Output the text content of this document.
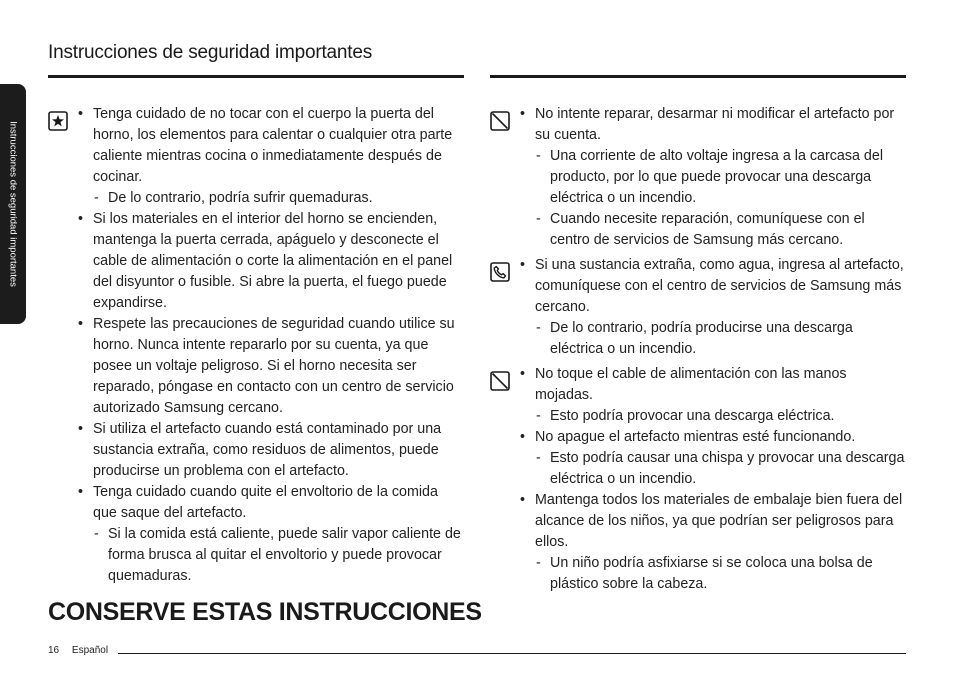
Instrucciones de seguridad importantes
Instrucciones de seguridad importantes
• Tenga cuidado de no tocar con el cuerpo la puerta del horno, los elementos para calentar o cualquier otra parte caliente mientras cocina o inmediatamente después de cocinar.
- De lo contrario, podría sufrir quemaduras.
• Si los materiales en el interior del horno se encienden, mantenga la puerta cerrada, apáguelo y desconecte el cable de alimentación o corte la alimentación en el panel del disyuntor o fusible. Si abre la puerta, el fuego puede expandirse.
• Respete las precauciones de seguridad cuando utilice su horno. Nunca intente repararlo por su cuenta, ya que posee un voltaje peligroso. Si el horno necesita ser reparado, póngase en contacto con un centro de servicio autorizado Samsung cercano.
• Si utiliza el artefacto cuando está contaminado por una sustancia extraña, como residuos de alimentos, puede producirse un problema con el artefacto.
• Tenga cuidado cuando quite el envoltorio de la comida que saque del artefacto.
- Si la comida está caliente, puede salir vapor caliente de forma brusca al quitar el envoltorio y puede provocar quemaduras.
• No intente reparar, desarmar ni modificar el artefacto por su cuenta.
- Una corriente de alto voltaje ingresa a la carcasa del producto, por lo que puede provocar una descarga eléctrica o un incendio.
- Cuando necesite reparación, comuníquese con el centro de servicios de Samsung más cercano.
• Si una sustancia extraña, como agua, ingresa al artefacto, comuníquese con el centro de servicios de Samsung más cercano.
- De lo contrario, podría producirse una descarga eléctrica o un incendio.
• No toque el cable de alimentación con las manos mojadas.
- Esto podría provocar una descarga eléctrica.
• No apague el artefacto mientras esté funcionando.
- Esto podría causar una chispa y provocar una descarga eléctrica o un incendio.
• Mantenga todos los materiales de embalaje bien fuera del alcance de los niños, ya que podrían ser peligrosos para ellos.
- Un niño podría asfixiarse si se coloca una bolsa de plástico sobre la cabeza.
CONSERVE ESTAS INSTRUCCIONES
16 Español
